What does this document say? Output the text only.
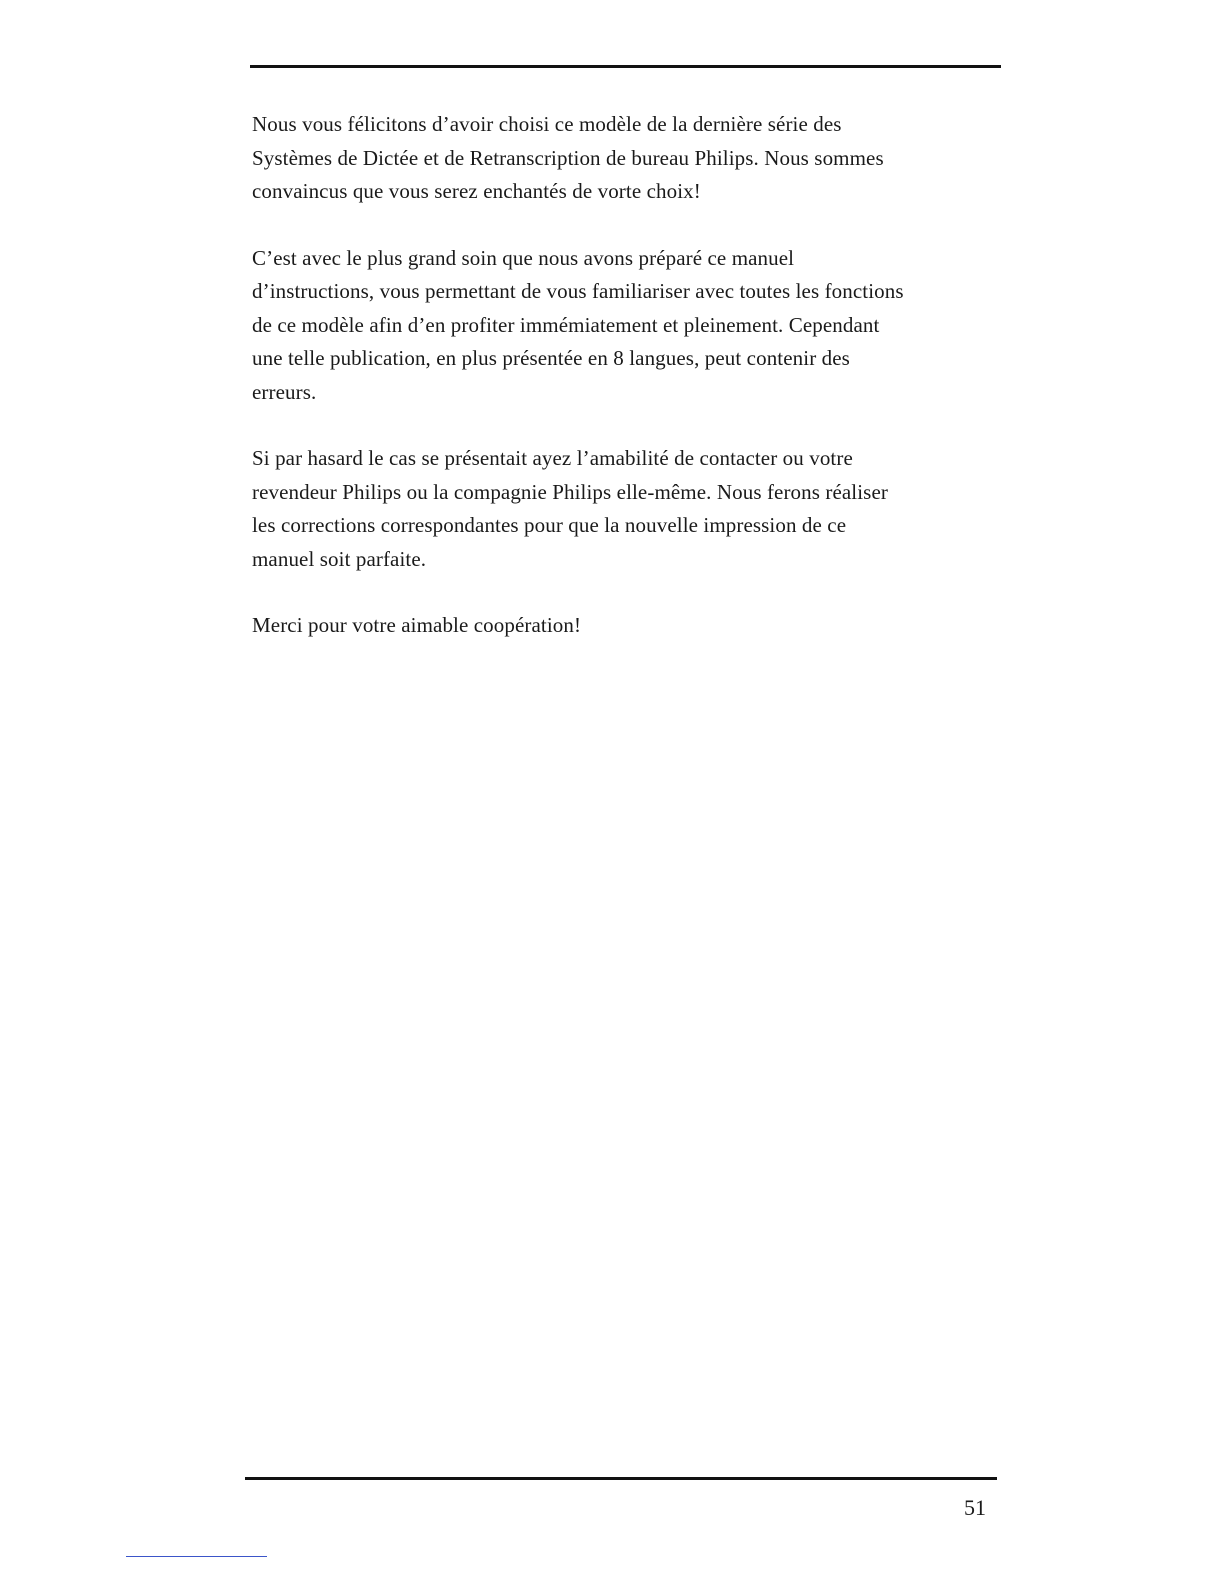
Nous vous félicitons d’avoir choisi ce modèle de la dernière série des
Systèmes de Dictée et de Retranscription de bureau Philips. Nous sommes
convaincus que vous serez enchantés de vorte choix!

C’est avec le plus grand soin que nous avons préparé ce manuel
d’instructions, vous permettant de vous familiariser avec toutes les fonctions
de ce modèle afin d’en profiter immémiatement et pleinement. Cependant
une telle publication, en plus présentée en 8 langues, peut contenir des
erreurs.

Si par hasard le cas se présentait ayez l’amabilité de contacter ou votre
revendeur Philips ou la compagnie Philips elle-même. Nous ferons réaliser
les corrections correspondantes pour que la nouvelle impression de ce
manuel soit parfaite.

Merci pour votre aimable coopération!

51
